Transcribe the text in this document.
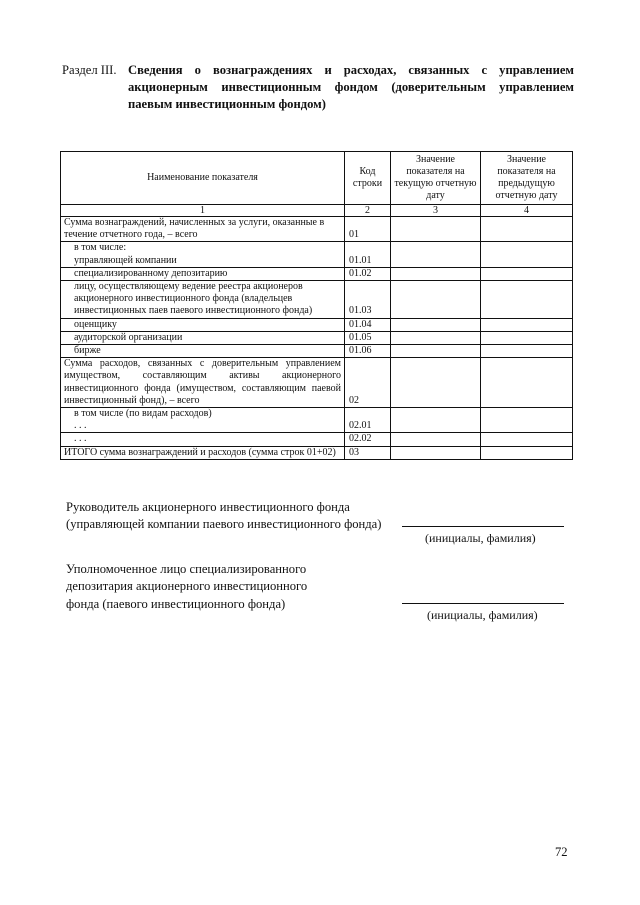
Раздел III. Сведения о вознаграждениях и расходах, связанных с управлением акционерным инвестиционным фондом (доверительным управлением паевым инвестиционным фондом)
Наименование показателя	Код строки	Значение показателя на текущую отчетную дату	Значение показателя на предыдущую отчетную дату
1	2	3	4
Сумма вознаграждений, начисленных за услуги, оказанные в течение отчетного года, – всего	01		

в том числе:
управляющей компании	01.01		
специализированному депозитарию	01.02		
лицу, осуществляющему ведение реестра акционеров акционерного инвестиционного фонда (владельцев инвестиционных паев паевого инвестиционного фонда)	01.03		
оценщику	01.04		
аудиторской организации	01.05		
бирже	01.06		
Сумма расходов, связанных с доверительным управлением имуществом, составляющим активы акционерного инвестиционного фонда (имуществом, составляющим паевой инвестиционный фонд), – всего	02		

в том числе (по видам расходов)
. . .	02.01		
. . .	02.02		
ИТОГО сумма вознаграждений и расходов (сумма строк 01+02)	03		
Руководитель акционерного инвестиционного фонда
(управляющей компании паевого инвестиционного фонда)
(инициалы, фамилия)
Уполномоченное лицо специализированного
депозитария акционерного инвестиционного
фонда (паевого инвестиционного фонда)
(инициалы, фамилия)
72
